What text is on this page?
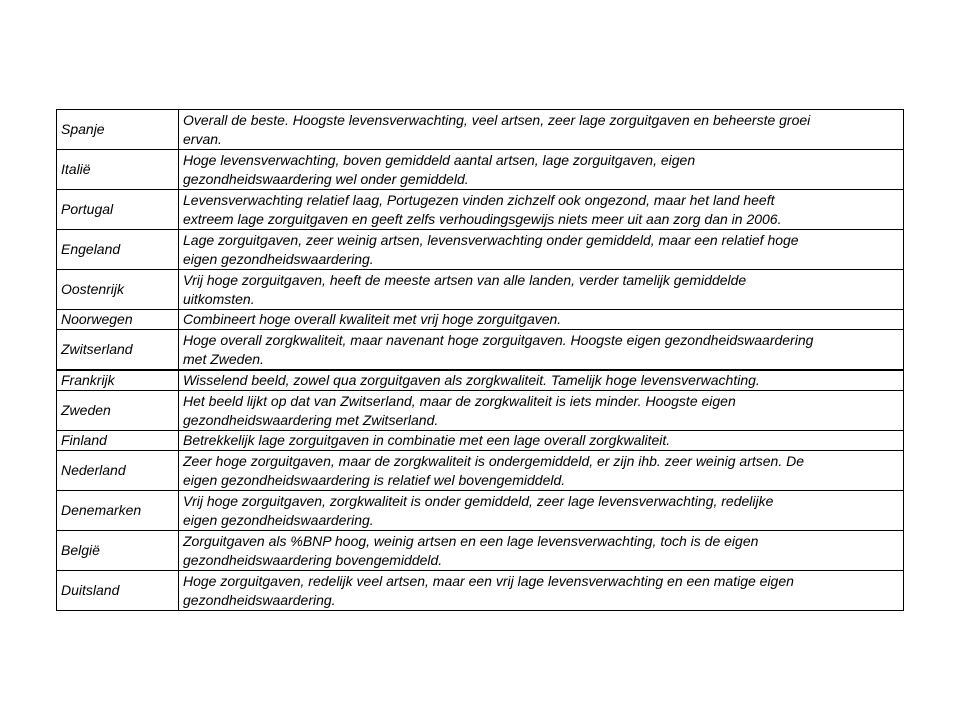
Spanje	Overall de beste. Hoogste levensverwachting, veel artsen, zeer lage zorguitgaven en beheerste groei
ervan.
Italië	Hoge levensverwachting, boven gemiddeld aantal artsen, lage zorguitgaven, eigen
gezondheidswaardering wel onder gemiddeld.
Portugal	Levensverwachting relatief laag, Portugezen vinden zichzelf ook ongezond, maar het land heeft
extreem lage zorguitgaven en geeft zelfs verhoudingsgewijs niets meer uit aan zorg dan in 2006.
Engeland	Lage zorguitgaven, zeer weinig artsen, levensverwachting onder gemiddeld, maar een relatief hoge
eigen gezondheidswaardering.
Oostenrijk	Vrij hoge zorguitgaven, heeft de meeste artsen van alle landen, verder tamelijk gemiddelde
uitkomsten.
Noorwegen	Combineert hoge overall kwaliteit met vrij hoge zorguitgaven.
Zwitserland	Hoge overall zorgkwaliteit, maar navenant hoge zorguitgaven. Hoogste eigen gezondheidswaardering
met Zweden.
Frankrijk	Wisselend beeld, zowel qua zorguitgaven als zorgkwaliteit. Tamelijk hoge levensverwachting.
Zweden	Het beeld lijkt op dat van Zwitserland, maar de zorgkwaliteit is iets minder. Hoogste eigen
gezondheidswaardering met Zwitserland.
Finland	Betrekkelijk lage zorguitgaven in combinatie met een lage overall zorgkwaliteit.
Nederland	Zeer hoge zorguitgaven, maar de zorgkwaliteit is ondergemiddeld, er zijn ihb. zeer weinig artsen. De
eigen gezondheidswaardering is relatief wel bovengemiddeld.
Denemarken	Vrij hoge zorguitgaven, zorgkwaliteit is onder gemiddeld, zeer lage levensverwachting, redelijke
eigen gezondheidswaardering.
België	Zorguitgaven als %BNP hoog, weinig artsen en een lage levensverwachting, toch is de eigen
gezondheidswaardering bovengemiddeld.
Duitsland	Hoge zorguitgaven, redelijk veel artsen, maar een vrij lage levensverwachting en een matige eigen
gezondheidswaardering.
